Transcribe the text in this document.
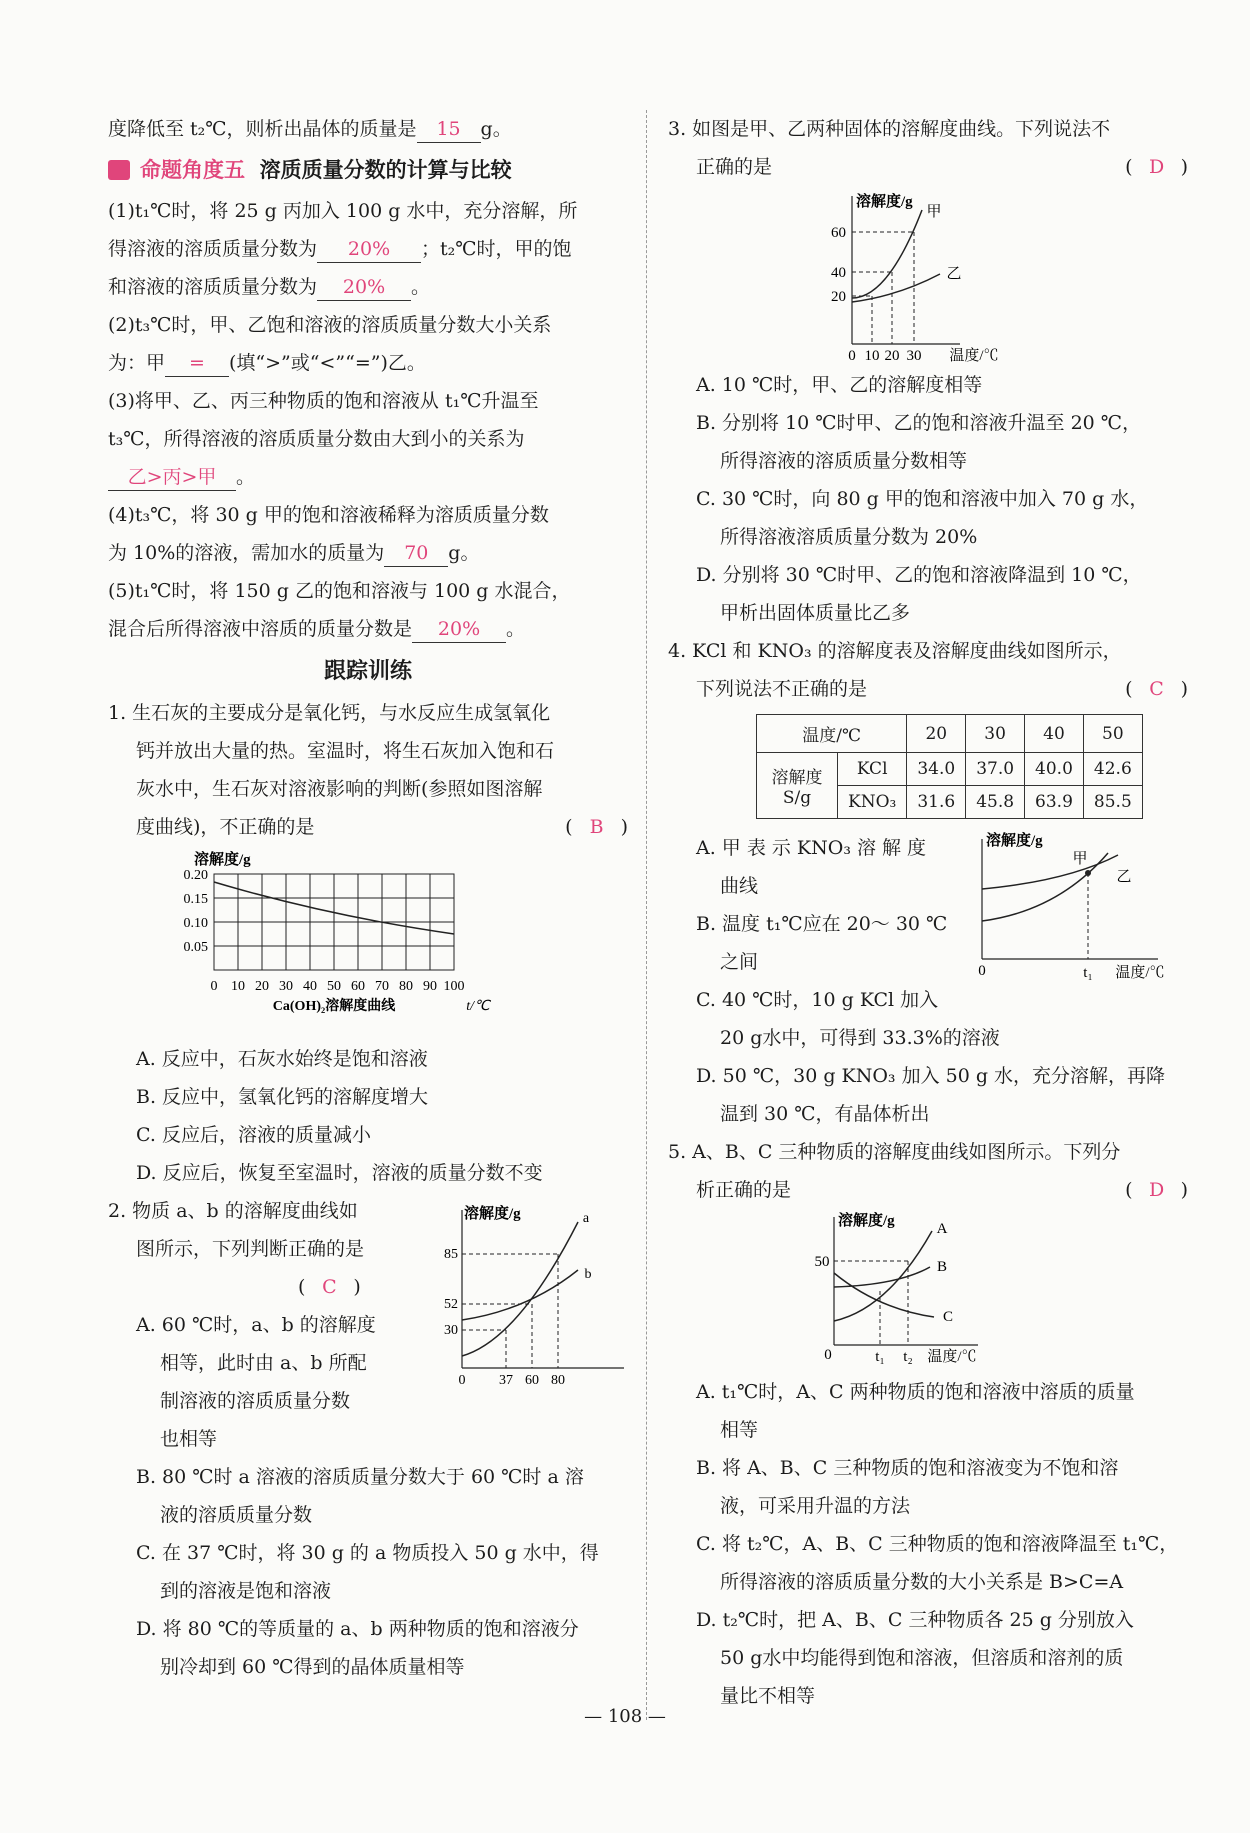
度降低至 t₂℃，则析出晶体的质量是 15 g。
命题角度五 溶质质量分数的计算与比较
(1)t₁℃时，将 25 g 丙加入 100 g 水中，充分溶解，所
得溶液的溶质质量分数为 20% ；t₂℃时，甲的饱
和溶液的溶质质量分数为 20% 。
(2)t₃℃时，甲、乙饱和溶液的溶质质量分数大小关系
为：甲 = (填“>”或“<”“=”)乙。
(3)将甲、乙、丙三种物质的饱和溶液从 t₁℃升温至
t₃℃，所得溶液的溶质质量分数由大到小的关系为
乙>丙>甲 。
(4)t₃℃，将 30 g 甲的饱和溶液稀释为溶质质量分数
为 10%的溶液，需加水的质量为 70 g。
(5)t₁℃时，将 150 g 乙的饱和溶液与 100 g 水混合，
混合后所得溶液中溶质的质量分数是 20% 。
跟踪训练
1. 生石灰的主要成分是氧化钙，与水反应生成氢氧化
钙并放出大量的热。室温时，将生石灰加入饱和石
灰水中，生石灰对溶液影响的判断(参照如图溶解
度曲线)，不正确的是	( B )
溶解度/g
0.20
0.15
0.10
0.05
0 10 20 30 40 50 60 70 80 90 100
Ca(OH)₂溶解度曲线	t/℃
A. 反应中，石灰水始终是饱和溶液
B. 反应中，氢氧化钙的溶解度增大
C. 反应后，溶液的质量减小
D. 反应后，恢复至室温时，溶液的质量分数不变
2. 物质 a、b 的溶解度曲线如
图所示，下列判断正确的是
( C )
A. 60 ℃时，a、b 的溶解度
相等，此时由 a、b 所配
制溶液的溶质质量分数
溶解度/g
85
52
30
0 37 60 80
a
b
也相等
B. 80 ℃时 a 溶液的溶质质量分数大于 60 ℃时 a 溶
液的溶质质量分数
C. 在 37 ℃时，将 30 g 的 a 物质投入 50 g 水中，得
到的溶液是饱和溶液
D. 将 80 ℃的等质量的 a、b 两种物质的饱和溶液分
别冷却到 60 ℃得到的晶体质量相等
3. 如图是甲、乙两种固体的溶解度曲线。下列说法不
正确的是	( D )
溶解度/g
60
40
20
0 10 20 30 温度/℃
甲
乙
A. 10 ℃时，甲、乙的溶解度相等
B. 分别将 10 ℃时甲、乙的饱和溶液升温至 20 ℃，
所得溶液的溶质质量分数相等
C. 30 ℃时，向 80 g 甲的饱和溶液中加入 70 g 水，
所得溶液溶质质量分数为 20%
D. 分别将 30 ℃时甲、乙的饱和溶液降温到 10 ℃，
甲析出固体质量比乙多
4. KCl 和 KNO₃ 的溶解度表及溶解度曲线如图所示，
下列说法不正确的是	( C )
温度/℃		20	30	40	50
溶解度 S/g	KCl	34.0	37.0	40.0	42.6
	KNO₃	31.6	45.8	63.9	85.5
A. 甲 表 示 KNO₃ 溶 解 度
曲线
B. 温度 t₁℃应在 20～ 30 ℃
之间
C. 40 ℃时，10 g KCl 加入
20 g水中，可得到 33.3%的溶液
溶解度/g
0	t₁ 温度/℃
甲
乙
D. 50 ℃，30 g KNO₃ 加入 50 g 水，充分溶解，再降
温到 30 ℃，有晶体析出
5. A、B、C 三种物质的溶解度曲线如图所示。下列分
析正确的是	( D )
溶解度/g
50
0	t₁ t₂ 温度/℃
A
B
C
A. t₁℃时，A、C 两种物质的饱和溶液中溶质的质量
相等
B. 将 A、B、C 三种物质的饱和溶液变为不饱和溶
液，可采用升温的方法
C. 将 t₂℃，A、B、C 三种物质的饱和溶液降温至 t₁℃，
所得溶液的溶质质量分数的大小关系是 B>C=A
D. t₂℃时，把 A、B、C 三种物质各 25 g 分别放入
50 g水中均能得到饱和溶液，但溶质和溶剂的质
量比不相等
— 108 —
